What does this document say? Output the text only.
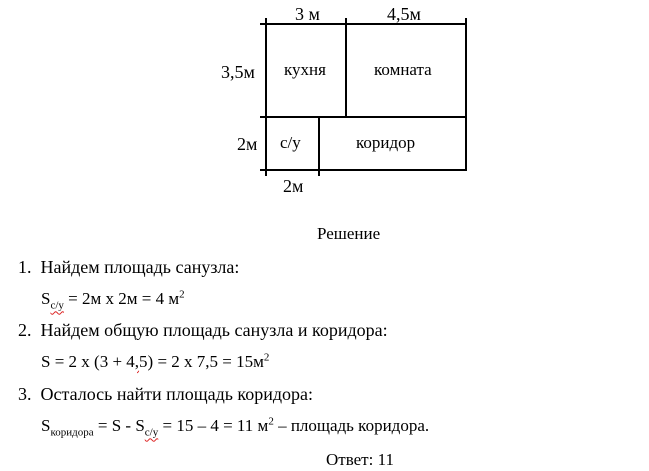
3 м	4,5м
3,5м
2м
2м
кухня	комната
с/у	коридор
Решение
1. Найдем площадь санузла:
$S_{с/у} = 2м$ х 2м = 4 $м^2$
2. Найдем общую площадь санузла и коридора:
S = 2 х (3 + 4,5) = 2 х $7,5 = 15м^2$
3. Осталось найти площадь коридора:
$S_{коридора} = S - S_{с/у} = 15 - 4 = 11$ $м^2$ – площадь коридора.
Ответ: 11
